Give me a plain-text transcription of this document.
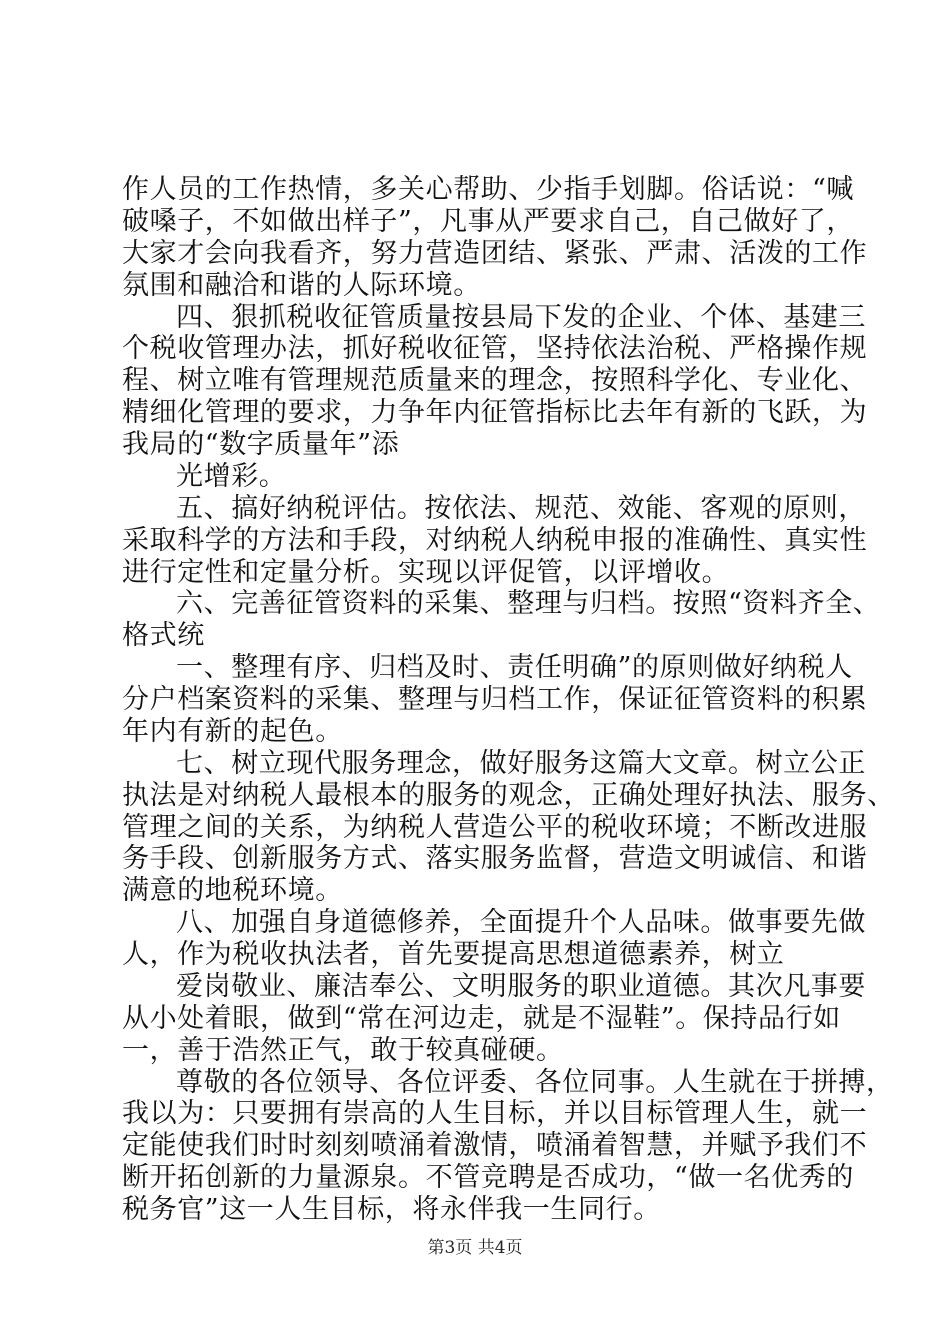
作人员的工作热情，多关心帮助、少指手划脚。俗话说：“喊
破嗓子，不如做出样子”，凡事从严要求自己，自己做好了，
大家才会向我看齐，努力营造团结、紧张、严肃、活泼的工作
氛围和融洽和谐的人际环境。
四、狠抓税收征管质量按县局下发的企业、个体、基建三
个税收管理办法，抓好税收征管，坚持依法治税、严格操作规
程、树立唯有管理规范质量来的理念，按照科学化、专业化、
精细化管理的要求，力争年内征管指标比去年有新的飞跃，为
我局的“数字质量年”添
光增彩。
五、搞好纳税评估。按依法、规范、效能、客观的原则，
采取科学的方法和手段，对纳税人纳税申报的准确性、真实性
进行定性和定量分析。实现以评促管，以评增收。
六、完善征管资料的采集、整理与归档。按照“资料齐全、
格式统
一、整理有序、归档及时、责任明确”的原则做好纳税人
分户档案资料的采集、整理与归档工作，保证征管资料的积累
年内有新的起色。
七、树立现代服务理念，做好服务这篇大文章。树立公正
执法是对纳税人最根本的服务的观念，正确处理好执法、服务、
管理之间的关系，为纳税人营造公平的税收环境；不断改进服
务手段、创新服务方式、落实服务监督，营造文明诚信、和谐
满意的地税环境。
八、加强自身道德修养，全面提升个人品味。做事要先做
人，作为税收执法者，首先要提高思想道德素养，树立
爱岗敬业、廉洁奉公、文明服务的职业道德。其次凡事要
从小处着眼，做到“常在河边走，就是不湿鞋”。保持品行如
一，善于浩然正气，敢于较真碰硬。
尊敬的各位领导、各位评委、各位同事。人生就在于拼搏，
我以为：只要拥有崇高的人生目标，并以目标管理人生，就一
定能使我们时时刻刻喷涌着激情，喷涌着智慧，并赋予我们不
断开拓创新的力量源泉。不管竞聘是否成功，“做一名优秀的
税务官”这一人生目标，将永伴我一生同行。
第3页 共4页
